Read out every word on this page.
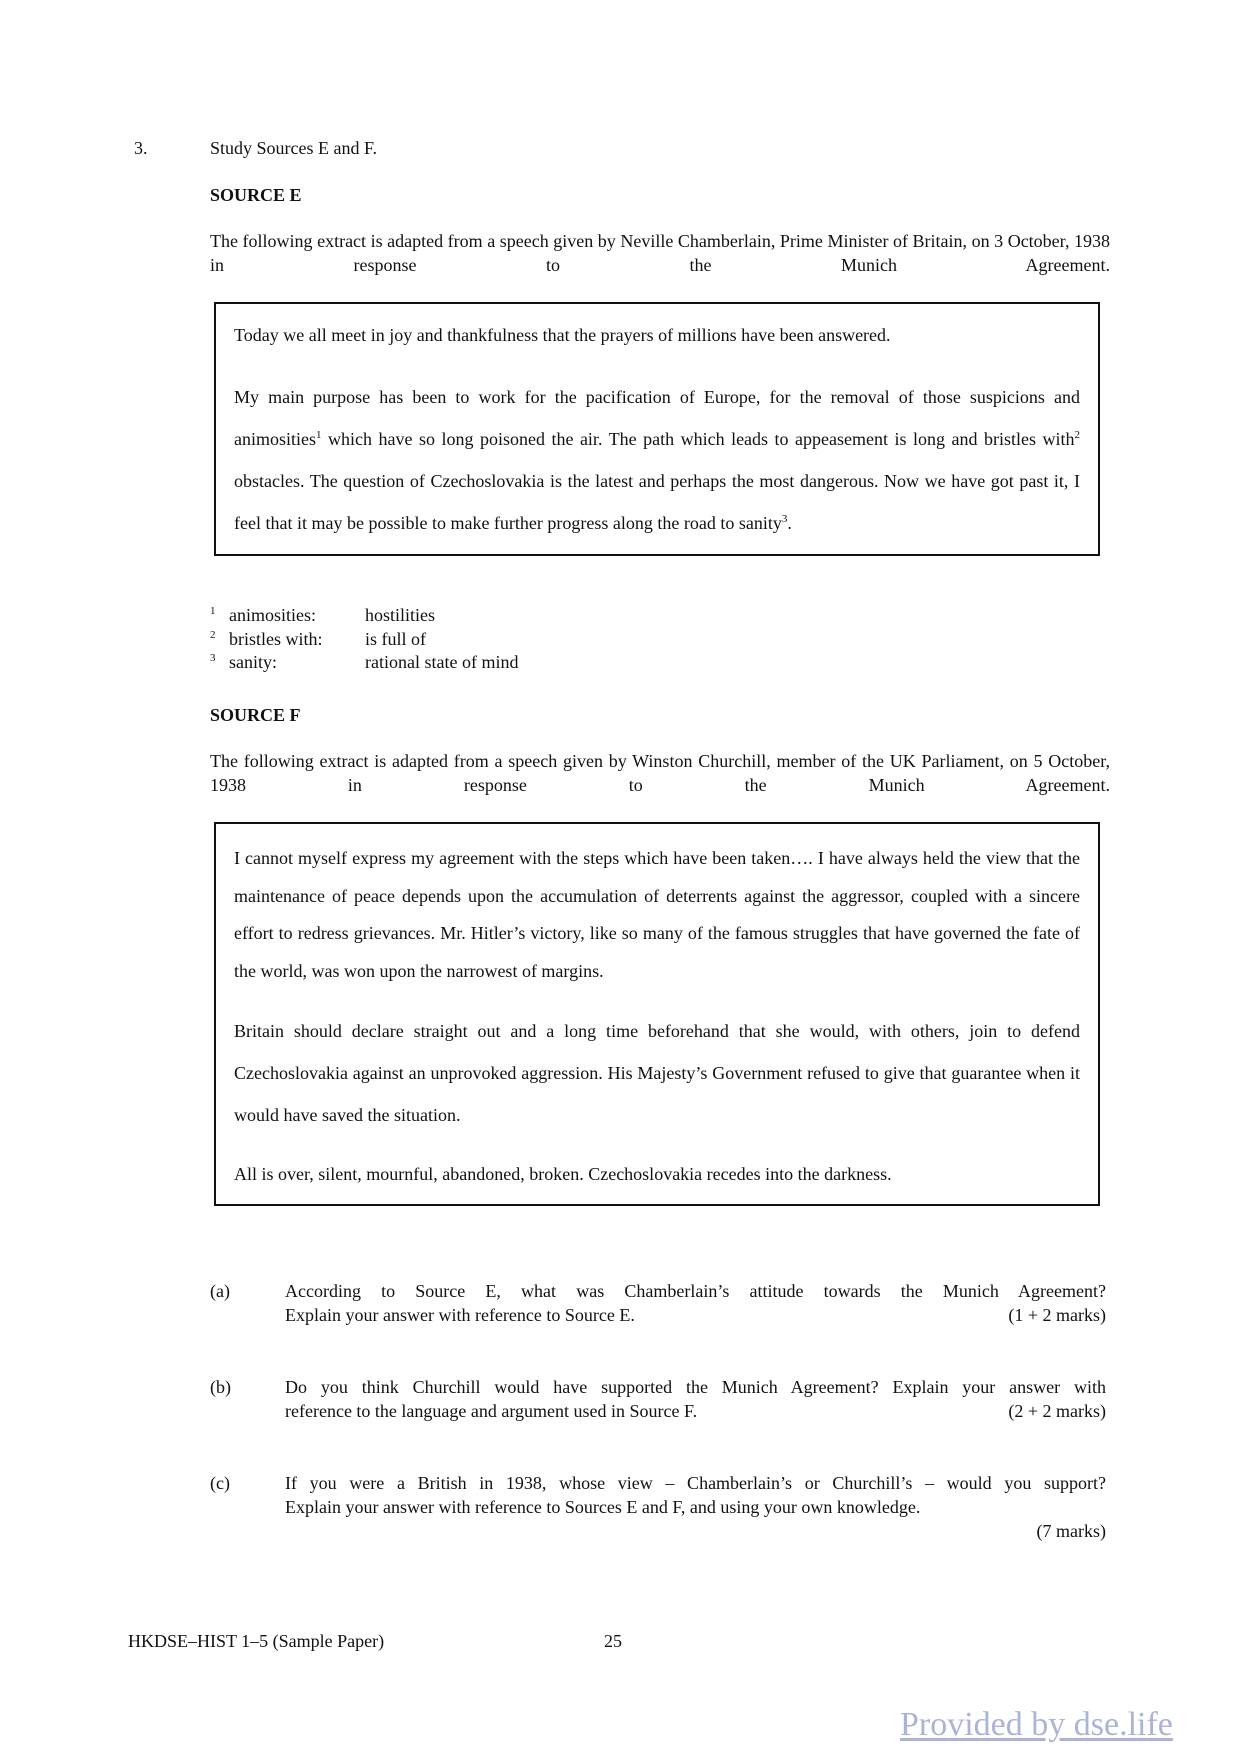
3.	Study Sources E and F.
SOURCE E
The following extract is adapted from a speech given by Neville Chamberlain, Prime Minister of Britain, on 3 October, 1938 in response to the Munich Agreement.

Today we all meet in joy and thankfulness that the prayers of millions have been answered.

My main purpose has been to work for the pacification of Europe, for the removal of those suspicions and animosities$^1$ which have so long poisoned the air. The path which leads to appeasement is long and bristles with$^2$ obstacles. The question of Czechoslovakia is the latest and perhaps the most dangerous. Now we have got past it, I feel that it may be possible to make further progress along the road to sanity$^3$.

1 animosities:	hostilities
2 bristles with:	is full of
3 sanity:	rational state of mind
SOURCE F
The following extract is adapted from a speech given by Winston Churchill, member of the UK Parliament, on 5 October, 1938 in response to the Munich Agreement.

I cannot myself express my agreement with the steps which have been taken…. I have always held the view that the maintenance of peace depends upon the accumulation of deterrents against the aggressor, coupled with a sincere effort to redress grievances. Mr. Hitler’s victory, like so many of the famous struggles that have governed the fate of the world, was won upon the narrowest of margins.

Britain should declare straight out and a long time beforehand that she would, with others, join to defend Czechoslovakia against an unprovoked aggression. His Majesty’s Government refused to give that guarantee when it would have saved the situation.

All is over, silent, mournful, abandoned, broken. Czechoslovakia recedes into the darkness.

(a)	According to Source E, what was Chamberlain’s attitude towards the Munich Agreement?
Explain your answer with reference to Source E.	(1 + 2 marks)
(b)	Do you think Churchill would have supported the Munich Agreement? Explain your answer with
reference to the language and argument used in Source F.	(2 + 2 marks)
(c)	If you were a British in 1938, whose view – Chamberlain’s or Churchill’s – would you support?
Explain your answer with reference to Sources E and F, and using your own knowledge.
(7 marks)
HKDSE–HIST 1–5 (Sample Paper)	25
Provided by dse.life
